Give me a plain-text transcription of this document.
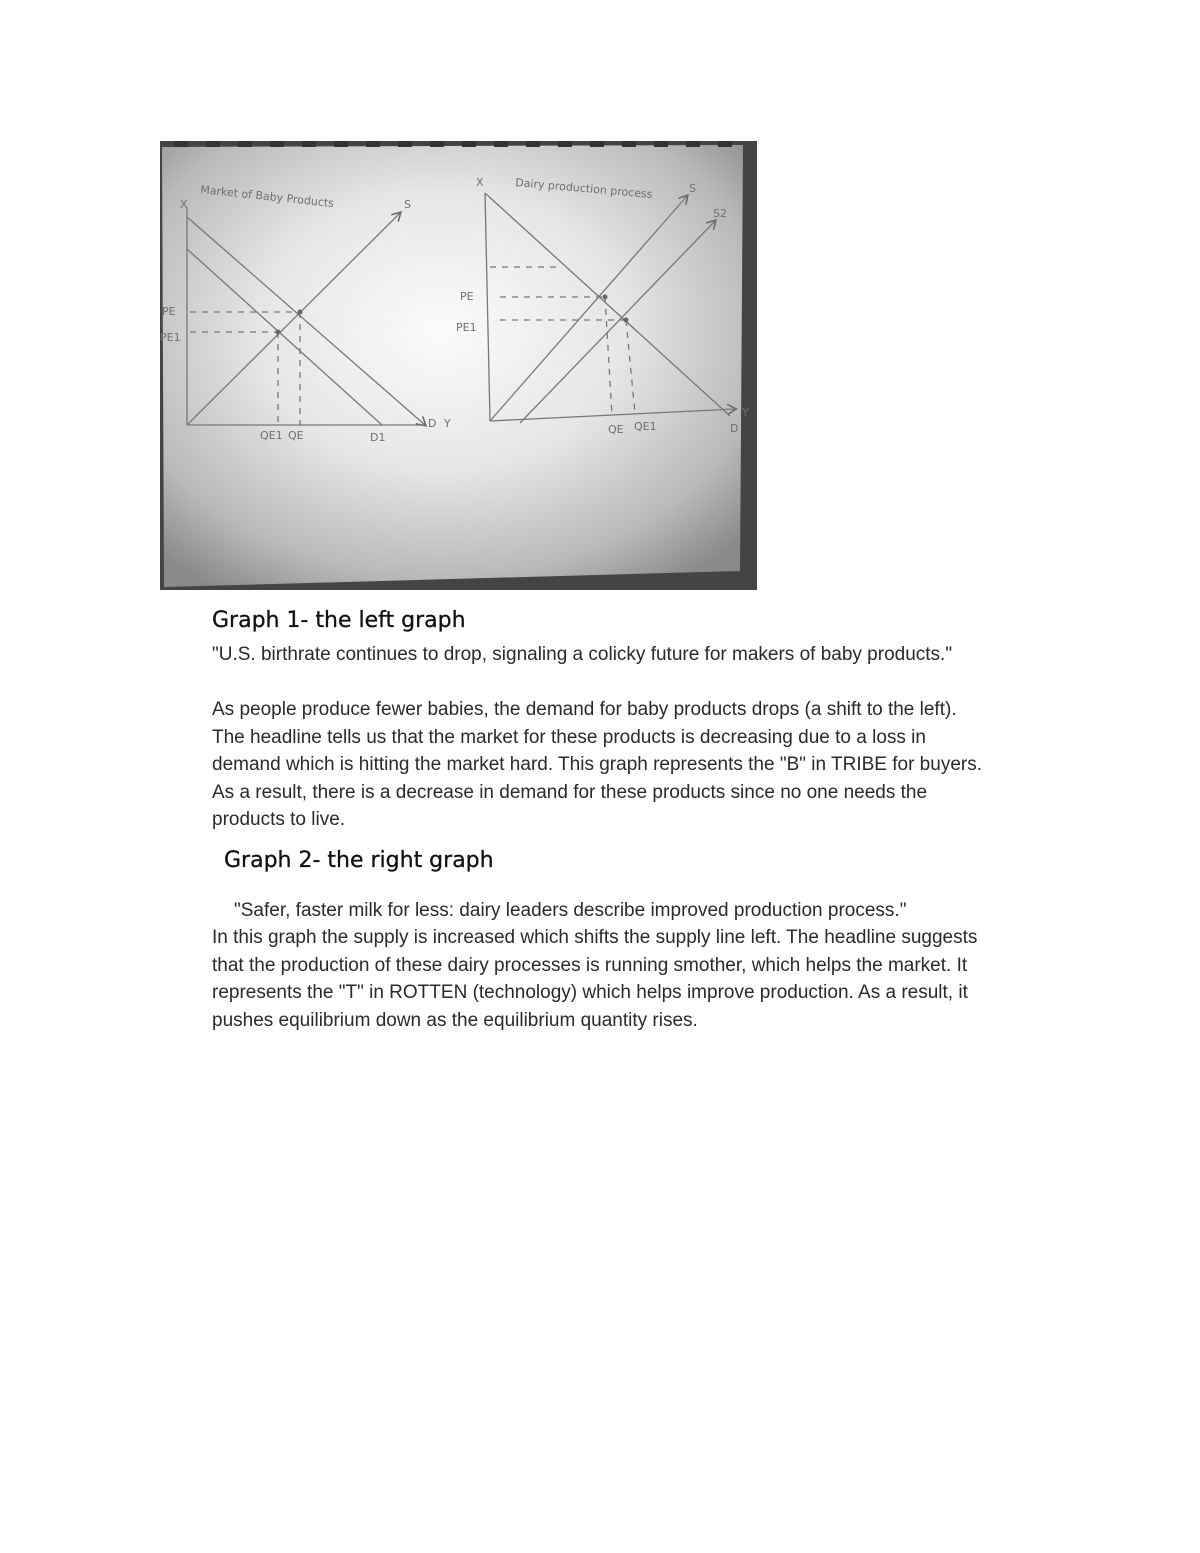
Market of Baby Products
X	S
PE
PE1
QE1 QE	D1
D Y
Dairy production process
X	S
S2
PE
PE1
QE QE1	D
Y
Graph 1- the left graph

"U.S. birthrate continues to drop, signaling a colicky future for makers of baby products."

As people produce fewer babies, the demand for baby products drops (a shift to the left).
The headline tells us that the market for these products is decreasing due to a loss in
demand which is hitting the market hard. This graph represents the "B" in TRIBE for buyers.
As a result, there is a decrease in demand for these products since no one needs the
products to live.

Graph 2- the right graph

"Safer, faster milk for less: dairy leaders describe improved production process."

In this graph the supply is increased which shifts the supply line left. The headline suggests
that the production of these dairy processes is running smother, which helps the market. It
represents the "T" in ROTTEN (technology) which helps improve production. As a result, it
pushes equilibrium down as the equilibrium quantity rises.
